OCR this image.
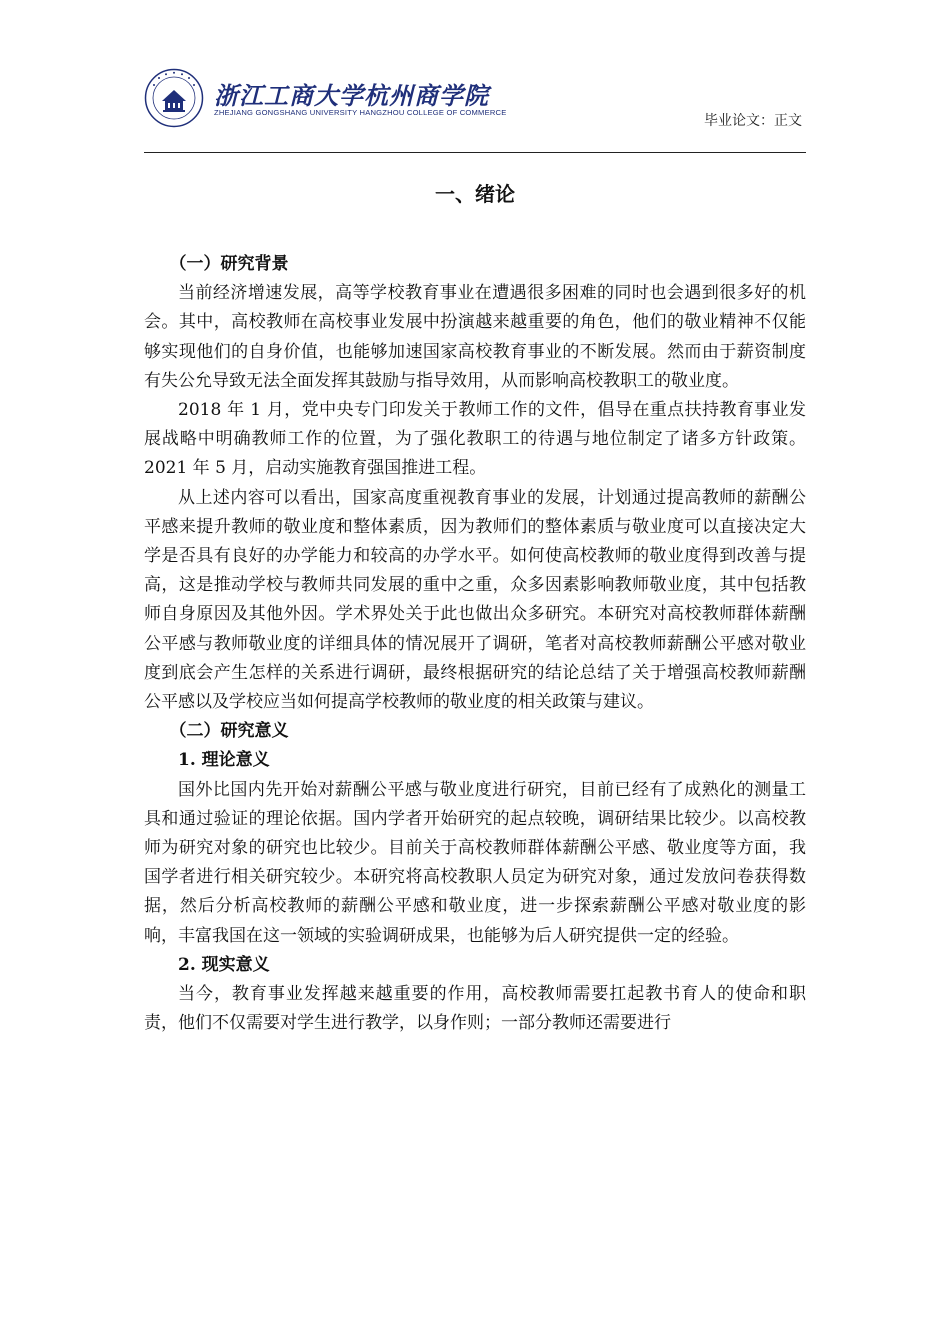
浙江工商大学杭州商学院
ZHEJIANG GONGSHANG UNIVERSITY HANGZHOU COLLEGE OF COMMERCE
毕业论文：正文
一、绪论
（一）研究背景

当前经济增速发展，高等学校教育事业在遭遇很多困难的同时也会遇到很多好的机会。其中，高校教师在高校事业发展中扮演越来越重要的角色，他们的敬业精神不仅能够实现他们的自身价值，也能够加速国家高校教育事业的不断发展。然而由于薪资制度有失公允导致无法全面发挥其鼓励与指导效用，从而影响高校教职工的敬业度。

2018 年 1 月，党中央专门印发关于教师工作的文件，倡导在重点扶持教育事业发展战略中明确教师工作的位置，为了强化教职工的待遇与地位制定了诸多方针政策。2021 年 5 月，启动实施教育强国推进工程。

从上述内容可以看出，国家高度重视教育事业的发展，计划通过提高教师的薪酬公平感来提升教师的敬业度和整体素质，因为教师们的整体素质与敬业度可以直接决定大学是否具有良好的办学能力和较高的办学水平。如何使高校教师的敬业度得到改善与提高，这是推动学校与教师共同发展的重中之重，众多因素影响教师敬业度，其中包括教师自身原因及其他外因。学术界处关于此也做出众多研究。本研究对高校教师群体薪酬公平感与教师敬业度的详细具体的情况展开了调研，笔者对高校教师薪酬公平感对敬业度到底会产生怎样的关系进行调研，最终根据研究的结论总结了关于增强高校教师薪酬公平感以及学校应当如何提高学校教师的敬业度的相关政策与建议。

（二）研究意义
1. 理论意义

国外比国内先开始对薪酬公平感与敬业度进行研究，目前已经有了成熟化的测量工具和通过验证的理论依据。国内学者开始研究的起点较晚，调研结果比较少。以高校教师为研究对象的研究也比较少。目前关于高校教师群体薪酬公平感、敬业度等方面，我国学者进行相关研究较少。本研究将高校教职人员定为研究对象，通过发放问卷获得数据，然后分析高校教师的薪酬公平感和敬业度，进一步探索薪酬公平感对敬业度的影响，丰富我国在这一领域的实验调研成果，也能够为后人研究提供一定的经验。

2. 现实意义

当今，教育事业发挥越来越重要的作用，高校教师需要扛起教书育人的使命和职责，他们不仅需要对学生进行教学，以身作则；一部分教师还需要进行
